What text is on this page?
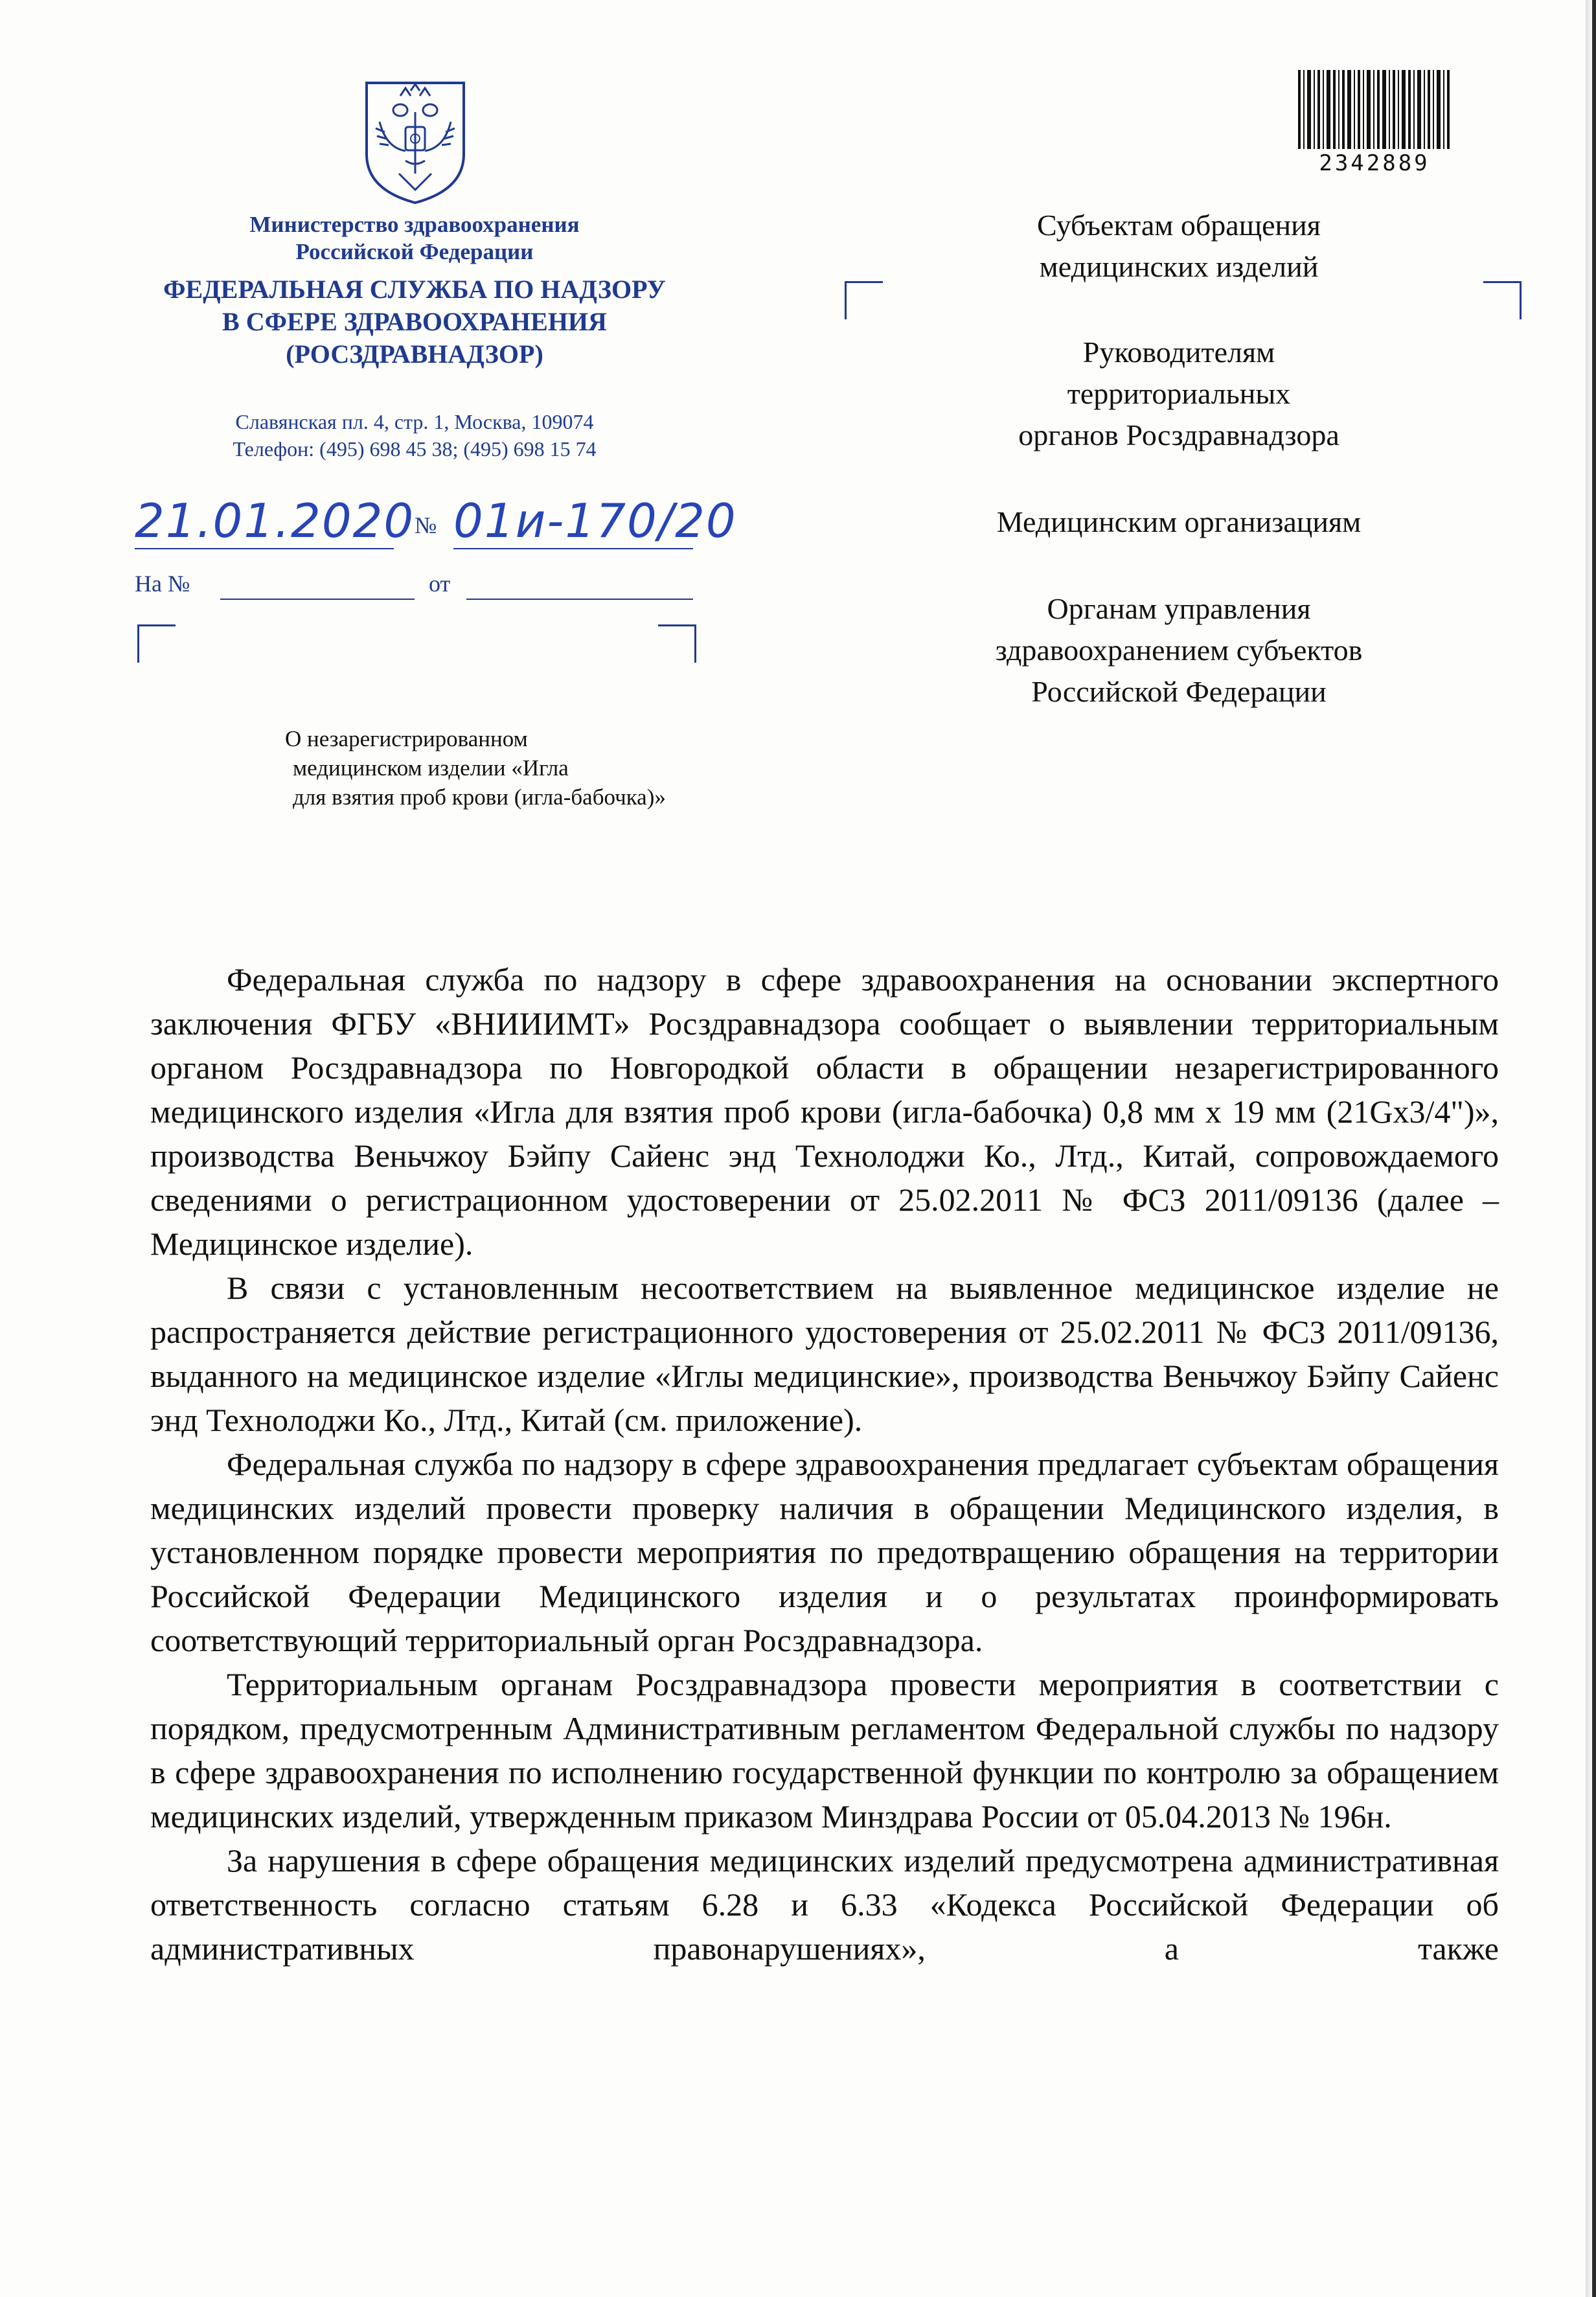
Министерство здравоохранения
Российской Федерации
ФЕДЕРАЛЬНАЯ СЛУЖБА ПО НАДЗОРУ
В СФЕРЕ ЗДРАВООХРАНЕНИЯ
(РОСЗДРАВНАДЗОР)
Славянская пл. 4, стр. 1, Москва, 109074
Телефон: (495) 698 45 38; (495) 698 15 74
21.01.2020 № 01и-170/20
На №	от
2342889
Субъектам обращения
медицинских изделий
Руководителям
территориальных
органов Росздравнадзора
Медицинским организациям
Органам управления
здравоохранением субъектов
Российской Федерации
О незарегистрированном
медицинском изделии «Игла
для взятия проб крови (игла-бабочка)»

Федеральная служба по надзору в сфере здравоохранения на основании экспертного заключения ФГБУ «ВНИИИМТ» Росздравнадзора сообщает о выявлении территориальным органом Росздравнадзора по Новгородкой области в обращении незарегистрированного медицинского изделия «Игла для взятия проб крови (игла-бабочка) 0,8 мм х 19 мм (21Gx3/4")», производства Веньчжоу Бэйпу Сайенс энд Технолоджи Ко., Лтд., Китай, сопровождаемого сведениями о регистрационном удостоверении от 25.02.2011 № ФСЗ 2011/09136 (далее – Медицинское изделие).

В связи с установленным несоответствием на выявленное медицинское изделие не распространяется действие регистрационного удостоверения от 25.02.2011 № ФСЗ 2011/09136, выданного на медицинское изделие «Иглы медицинские», производства Веньчжоу Бэйпу Сайенс энд Технолоджи Ко., Лтд., Китай (см. приложение).

Федеральная служба по надзору в сфере здравоохранения предлагает субъектам обращения медицинских изделий провести проверку наличия в обращении Медицинского изделия, в установленном порядке провести мероприятия по предотвращению обращения на территории Российской Федерации Медицинского изделия и о результатах проинформировать соответствующий территориальный орган Росздравнадзора.

Территориальным органам Росздравнадзора провести мероприятия в соответствии с порядком, предусмотренным Административным регламентом Федеральной службы по надзору в сфере здравоохранения по исполнению государственной функции по контролю за обращением медицинских изделий, утвержденным приказом Минздрава России от 05.04.2013 № 196н.

За нарушения в сфере обращения медицинских изделий предусмотрена административная ответственность согласно статьям 6.28 и 6.33 «Кодекса Российской Федерации об административных правонарушениях», а также
